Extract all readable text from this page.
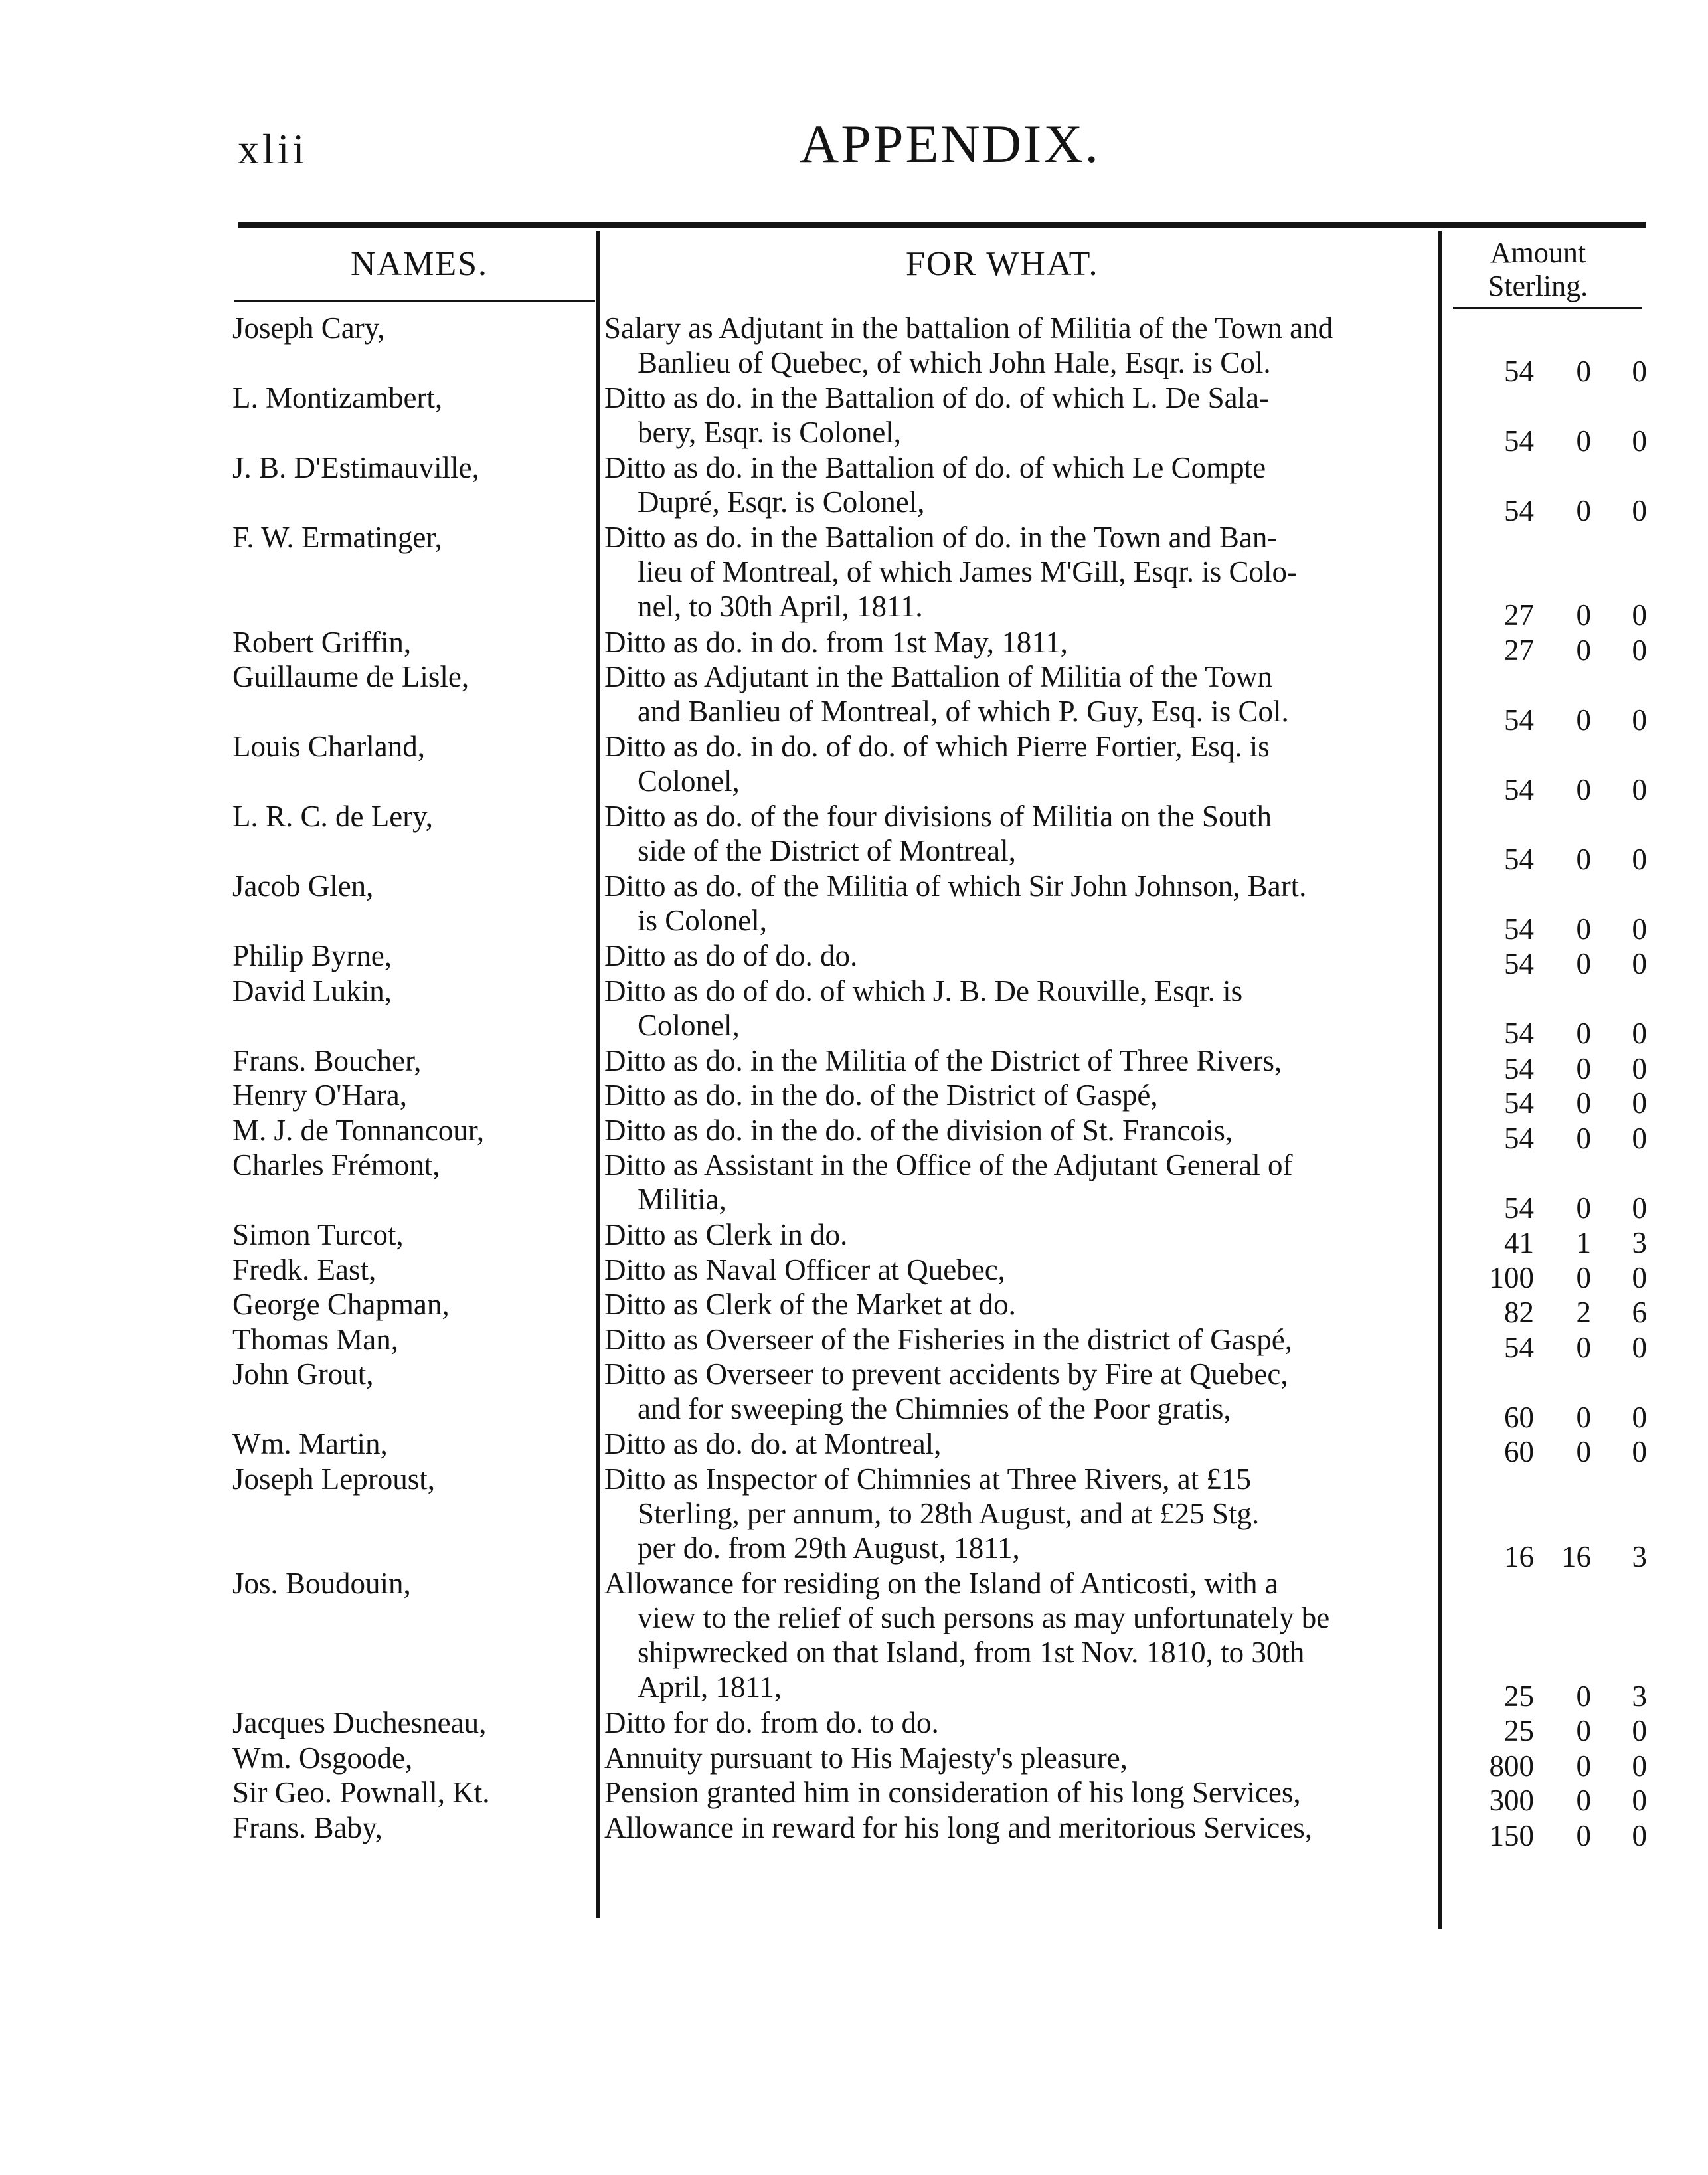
xlii	APPENDIX.
NAMES.	FOR WHAT.	Amount
Sterling.
Joseph Cary,	Salary as Adjutant in the battalion of Militia of the Town and
Banlieu of Quebec, of which John Hale, Esqr. is Col.	54	0	0
L. Montizambert,	Ditto as do. in the Battalion of do. of which L. De Sala-
bery, Esqr. is Colonel,	54	0	0
J. B. D'Estimauville,	Ditto as do. in the Battalion of do. of which Le Compte
Dupré, Esqr. is Colonel,	54	0	0
F. W. Ermatinger,	Ditto as do. in the Battalion of do. in the Town and Ban-
lieu of Montreal, of which James M'Gill, Esqr. is Colo-
nel, to 30th April, 1811.	27	0	0
Robert Griffin,	Ditto as do. in do. from 1st May, 1811,	27	0	0
Guillaume de Lisle,	Ditto as Adjutant in the Battalion of Militia of the Town
and Banlieu of Montreal, of which P. Guy, Esq. is Col.	54	0	0
Louis Charland,	Ditto as do. in do. of do. of which Pierre Fortier, Esq. is
Colonel,	54	0	0
L. R. C. de Lery,	Ditto as do. of the four divisions of Militia on the South
side of the District of Montreal,	54	0	0
Jacob Glen,	Ditto as do. of the Militia of which Sir John Johnson, Bart.
is Colonel,	54	0	0
Philip Byrne,	Ditto as do of do. do.	54	0	0
David Lukin,	Ditto as do of do. of which J. B. De Rouville, Esqr. is
Colonel,	54	0	0
Frans. Boucher,	Ditto as do. in the Militia of the District of Three Rivers,	54	0	0
Henry O'Hara,	Ditto as do. in the do. of the District of Gaspé,	54	0	0
M. J. de Tonnancour,	Ditto as do. in the do. of the division of St. Francois,	54	0	0
Charles Frémont,	Ditto as Assistant in the Office of the Adjutant General of
Militia,	54	0	0
Simon Turcot,	Ditto as Clerk in do.	41	1	3
Fredk. East,	Ditto as Naval Officer at Quebec,	100	0	0
George Chapman,	Ditto as Clerk of the Market at do.	82	2	6
Thomas Man,	Ditto as Overseer of the Fisheries in the district of Gaspé,	54	0	0
John Grout,	Ditto as Overseer to prevent accidents by Fire at Quebec,
and for sweeping the Chimnies of the Poor gratis,	60	0	0
Wm. Martin,	Ditto as do. do. at Montreal,	60	0	0
Joseph Leproust,	Ditto as Inspector of Chimnies at Three Rivers, at £15
Sterling, per annum, to 28th August, and at £25 Stg.
per do. from 29th August, 1811,	16 16	3
Jos. Boudouin,	Allowance for residing on the Island of Anticosti, with a
view to the relief of such persons as may unfortunately be
shipwrecked on that Island, from 1st Nov. 1810, to 30th
April, 1811,	25	0	3
Jacques Duchesneau,	Ditto for do. from do. to do.	25	0	0
Wm. Osgoode,	Annuity pursuant to His Majesty's pleasure,	800	0	0
Sir Geo. Pownall, Kt.	Pension granted him in consideration of his long Services,	300	0	0
Frans. Baby,	Allowance in reward for his long and meritorious Services,	150	0	0
